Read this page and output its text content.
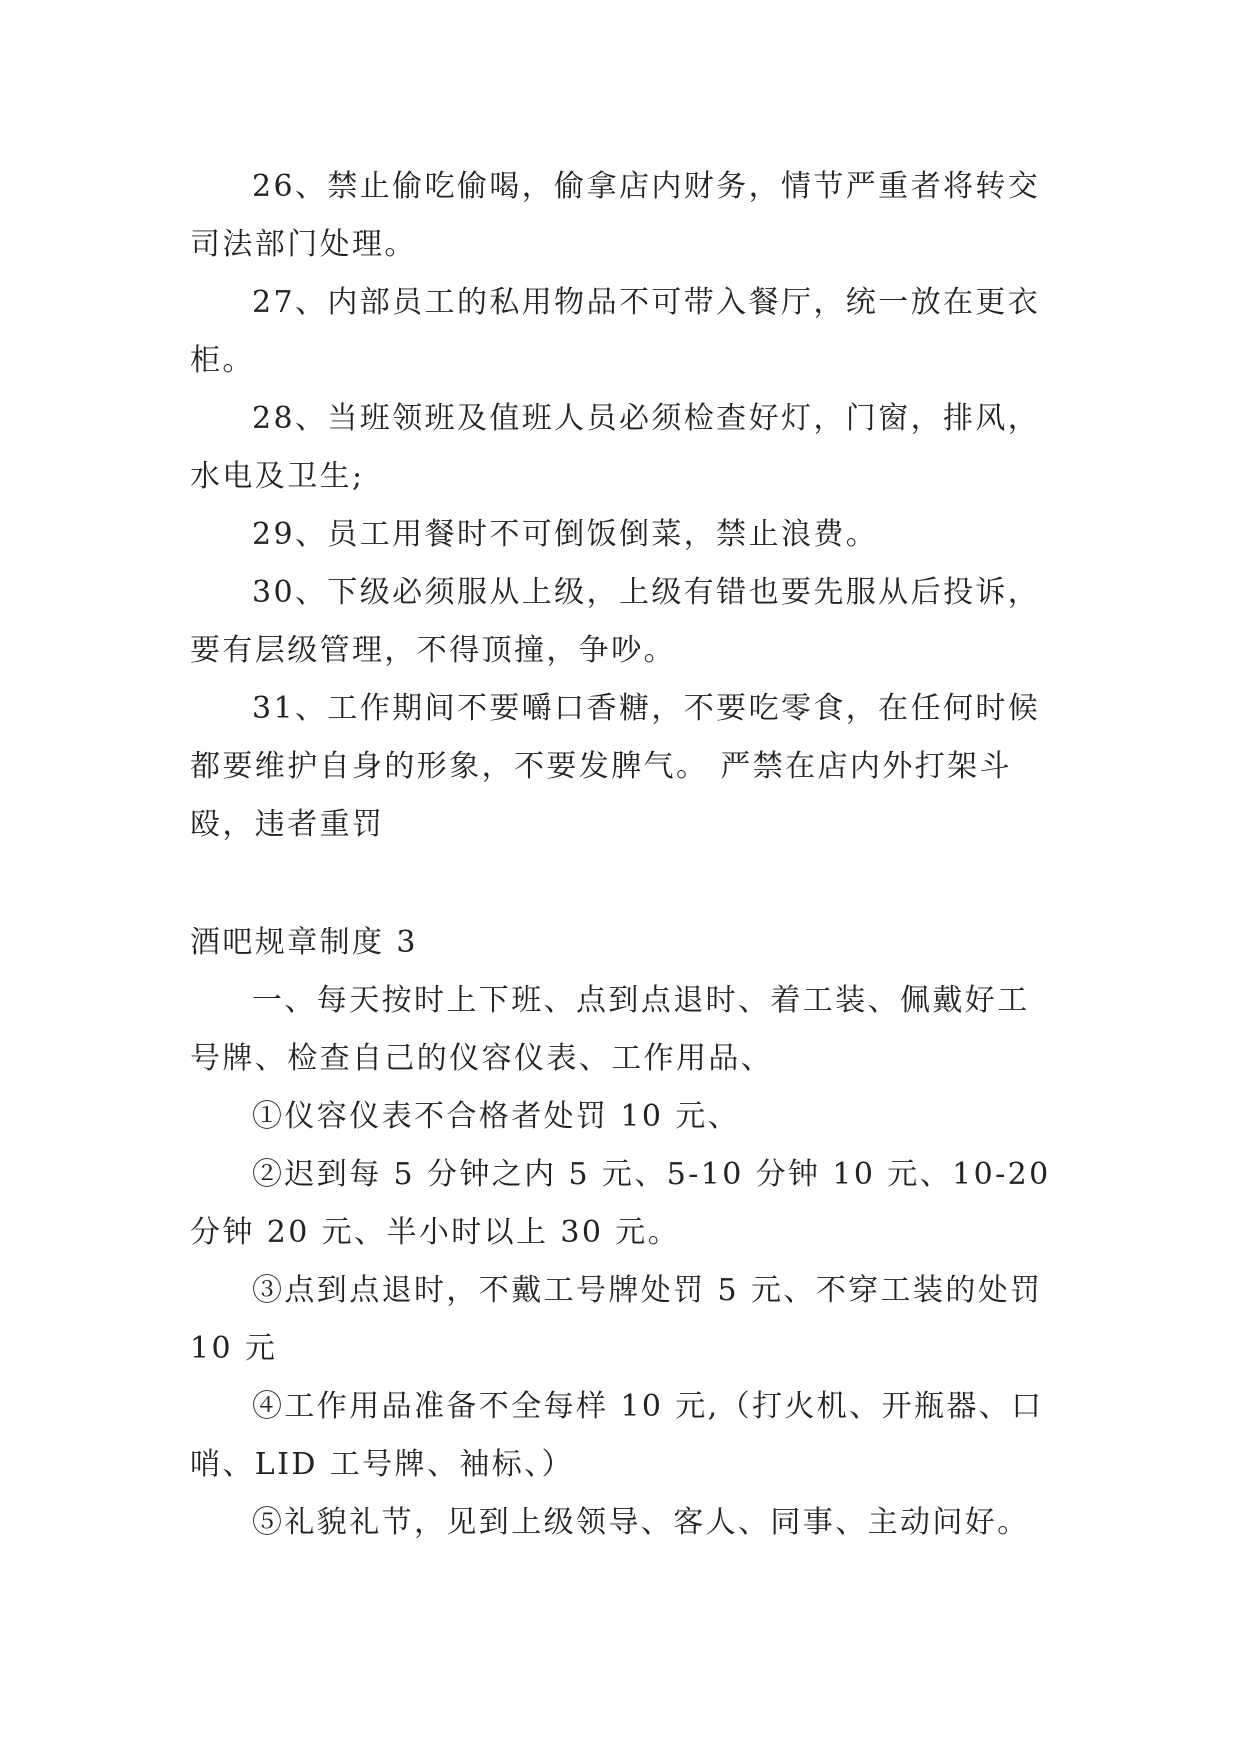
26、禁止偷吃偷喝，偷拿店内财务，情节严重者将转交司法部门处理。

27、内部员工的私用物品不可带入餐厅，统一放在更衣柜。

28、当班领班及值班人员必须检查好灯，门窗，排风，水电及卫生;

29、员工用餐时不可倒饭倒菜，禁止浪费。

30、下级必须服从上级，上级有错也要先服从后投诉，要有层级管理，不得顶撞，争吵。

31、工作期间不要嚼口香糖，不要吃零食，在任何时候都要维护自身的形象，不要发脾气。 严禁在店内外打架斗殴，违者重罚

酒吧规章制度 3

一、每天按时上下班、点到点退时、着工装、佩戴好工号牌、检查自己的仪容仪表、工作用品、

①仪容仪表不合格者处罚 10 元、

②迟到每 5 分钟之内 5 元、5-10 分钟 10 元、10-20 分钟 20 元、半小时以上 30 元。

③点到点退时，不戴工号牌处罚 5 元、不穿工装的处罚 10 元

④工作用品准备不全每样 10 元,（打火机、开瓶器、口哨、LID 工号牌、袖标、）

⑤礼貌礼节，见到上级领导、客人、同事、主动问好。
